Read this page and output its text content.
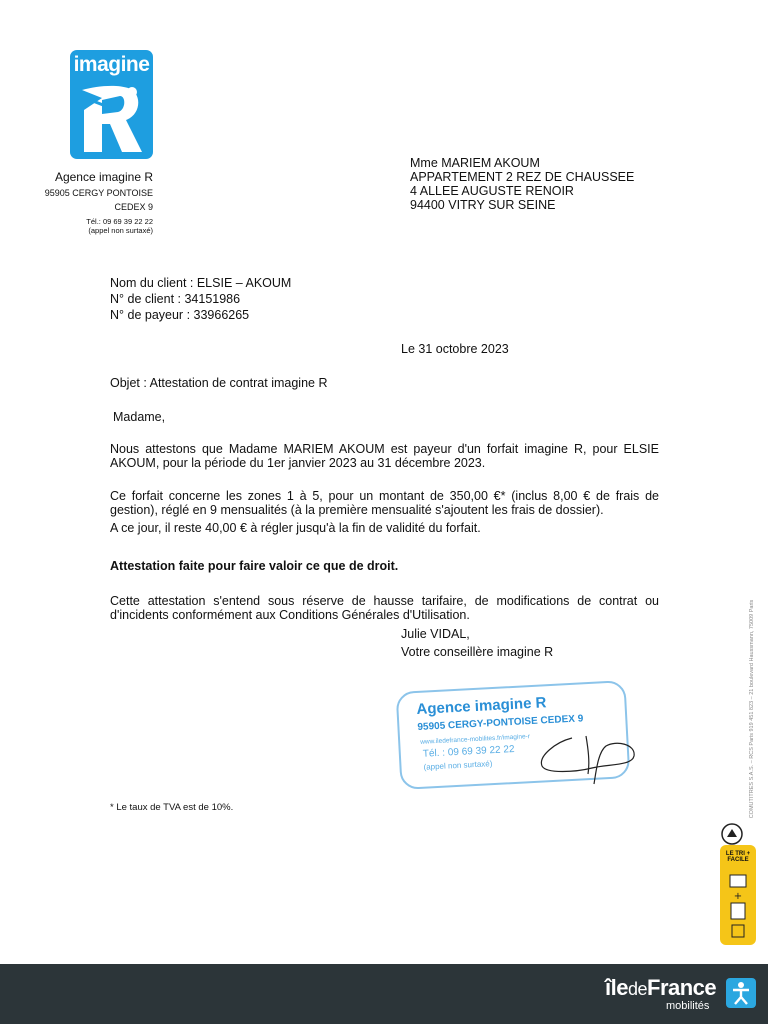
imagine
Agence imagine R
95905 CERGY PONTOISE
CEDEX 9
Tél.: 09 69 39 22 22
(appel non surtaxé)
Mme MARIEM AKOUM
APPARTEMENT 2 REZ DE CHAUSSEE
4 ALLEE AUGUSTE RENOIR
94400 VITRY SUR SEINE
Nom du client : ELSIE – AKOUM
N° de client : 34151986
N° de payeur : 33966265
Le 31 octobre 2023
Objet : Attestation de contrat imagine R
Madame,
Nous attestons que Madame MARIEM AKOUM est payeur d'un forfait imagine R, pour ELSIE AKOUM, pour la période du 1er janvier 2023 au 31 décembre 2023.
Ce forfait concerne les zones 1 à 5, pour un montant de 350,00 €* (inclus 8,00 € de frais de gestion), réglé en 9 mensualités (à la première mensualité s'ajoutent les frais de dossier).
A ce jour, il reste 40,00 € à régler jusqu'à la fin de validité du forfait.
Attestation faite pour faire valoir ce que de droit.
Cette attestation s'entend sous réserve de hausse tarifaire, de modifications de contrat ou d'incidents conformément aux Conditions Générales d'Utilisation.
Julie VIDAL,
Votre conseillère imagine R
Agence imagine R
95905 CERGY-PONTOISE CEDEX 9
www.iledefrance-mobilites.fr/imagine-r
Tél. : 09 69 39 22 22
(appel non surtaxé)
* Le taux de TVA est de 10%.	COMUTITRES S.A.S. – RCS Paris 919 451 823 – 21 boulevard Haussmann, 75009 Paris
LE TRI + FACILE
+
îledeFrance
mobilités
